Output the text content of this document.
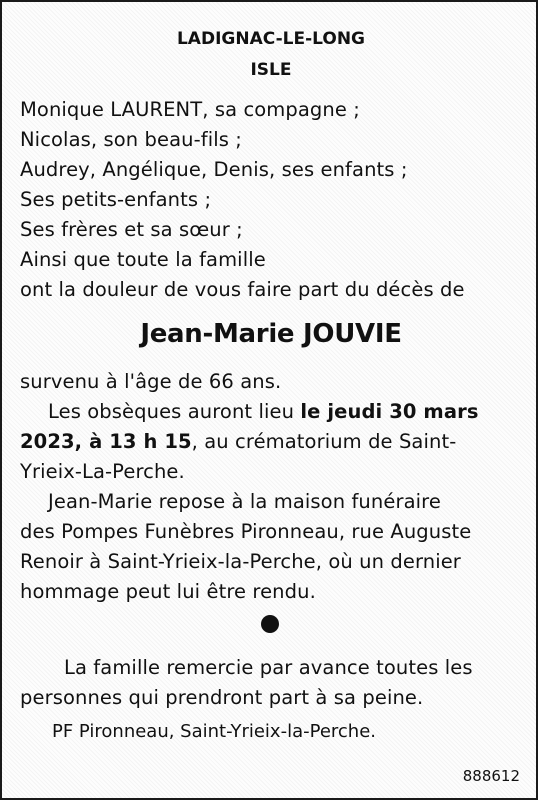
LADIGNAC-LE-LONG
ISLE
Monique LAURENT, sa compagne ;
Nicolas, son beau-fils ;
Audrey, Angélique, Denis, ses enfants ;
Ses petits-enfants ;
Ses frères et sa sœur ;
Ainsi que toute la famille
ont la douleur de vous faire part du décès de
Jean-Marie JOUVIE
survenu à l'âge de 66 ans.
Les obsèques auront lieu le jeudi 30 mars
2023, à 13 h 15, au crématorium de Saint-
Yrieix-La-Perche.
Jean-Marie repose à la maison funéraire
des Pompes Funèbres Pironneau, rue Auguste
Renoir à Saint-Yrieix-la-Perche, où un dernier
hommage peut lui être rendu.
La famille remercie par avance toutes les
personnes qui prendront part à sa peine.
PF Pironneau, Saint-Yrieix-la-Perche.
888612
